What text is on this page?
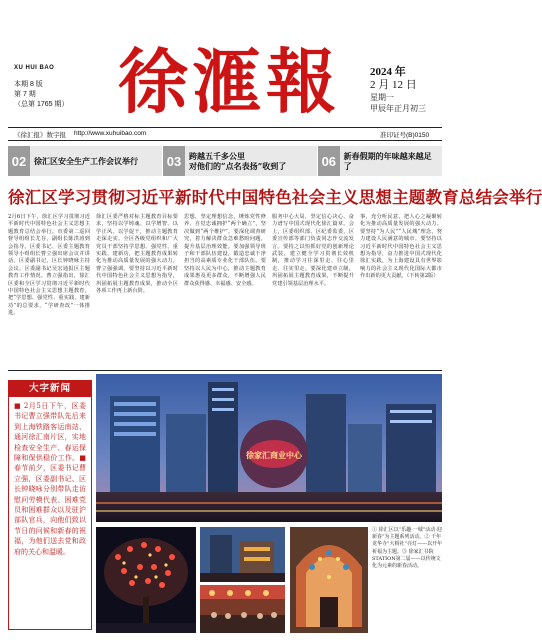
XU HUI BAO
本期 8 版
第 7 期
（总第 1765 期） 徐滙報	2024 年
2 月 12 日
星期一
甲辰年正月初三
《徐汇报》数字报 http://www.xuhuibao.com	准印证号(B)0150
02 徐汇区安全生产工作会议举行	03 跨越五千多公里
对他们的“点名表扬”收到了	06 新春假期的年味越来越足了
徐汇区学习贯彻习近平新时代中国特色社会主义思想主题教育总结会举行
2月6日下午，徐汇区学习贯彻习近平新时代中国特色社会主义思想主题教育总结会举行。市委第二巡回督导组组长尤存，副组长陈洪涛到会指导。区委书记、区委主题教育领导小组组长曹立强出席会议并讲话。区委副书记、区长钟晓咏主持会议。区委副书记吴宏通报区主题教育工作情况。曹立强指出，徐汇区委和全区学习贯彻习近平新时代中国特色社会主义思想主题教育，把“学思想、强党性、重实践、建新功”的总要求，“学研查改”一体推进。
徐汇区委严格对标主题教育目标要求，坚持以学铸魂、以学增智、以学正风、以学促干，推动主题教育走深走实。全区各级党组织和广大党员干部坚持学思想、强党性、重实践、建新功，把主题教育成果转化为推动高质量发展的强大动力。曹立强强调，要坚持以习近平新时代中国特色社会主义思想为指导，巩固拓展主题教育成果，推动全区各项工作再上新台阶。
思想，坚定理想信念，锤炼党性修养，自觉忠诚拥护“两个确立”，坚决做到“两个维护”。要深化调查研究，着力解决群众急难愁盼问题，提升基层治理效能。要加强领导班子和干部队伍建设，锻造忠诚干净担当的高素质专业化干部队伍。要坚持以人民为中心，推动主题教育成果惠及更多群众，不断增强人民群众获得感、幸福感、安全感。
服务中心大局，坚定信心决心，奋力谱写中国式现代化徐汇篇章。会上，区委组织部、区纪委监委、区委宣传部等部门负责同志作交流发言。要持之以恒抓好党的创新理论武装，建立健全学习贯彻长效机制，推动学习往深里走、往心里走、往实里走。要深化建章立制，巩固拓展主题教育成果，不断提升党建引领基层治理水平。
事，充分听民意，把人心之凝聚转化为推动高质量发展的强大动力。要坚持“为人民”“人民城”理念，努力建设人民满意的城市。要坚持以习近平新时代中国特色社会主义思想为指导，奋力推进中国式现代化徐汇实践，为上海建设具有世界影响力的社会主义现代化国际大都市作出新的更大贡献。（下转第2版）
大字新闻
■ 2月5日下午，区委书记曹立强带队先后来到上海铁路客运南站、通河徐汇南片区，实地检查安全生产、春运保障和保供稳价工作。■ 春节前夕，区委书记曹立强，区委副书记、区长钟晓咏分别带队走访慰问劳模代表、困难党员和困难群众以及驻沪部队官兵，向他们致以节日的问候和新春的祝福，为他们送去党和政府的关心和温暖。
徐家汇商业中心
① 徐汇区以“乐趣·一城”活动·迎新春“为主题系列活动。② 千年龙华寺“大相社”亮灯——以开年祈福为主题。③ 徐家汇书院STATION第二届——以传统文化为元素的新春活动。
